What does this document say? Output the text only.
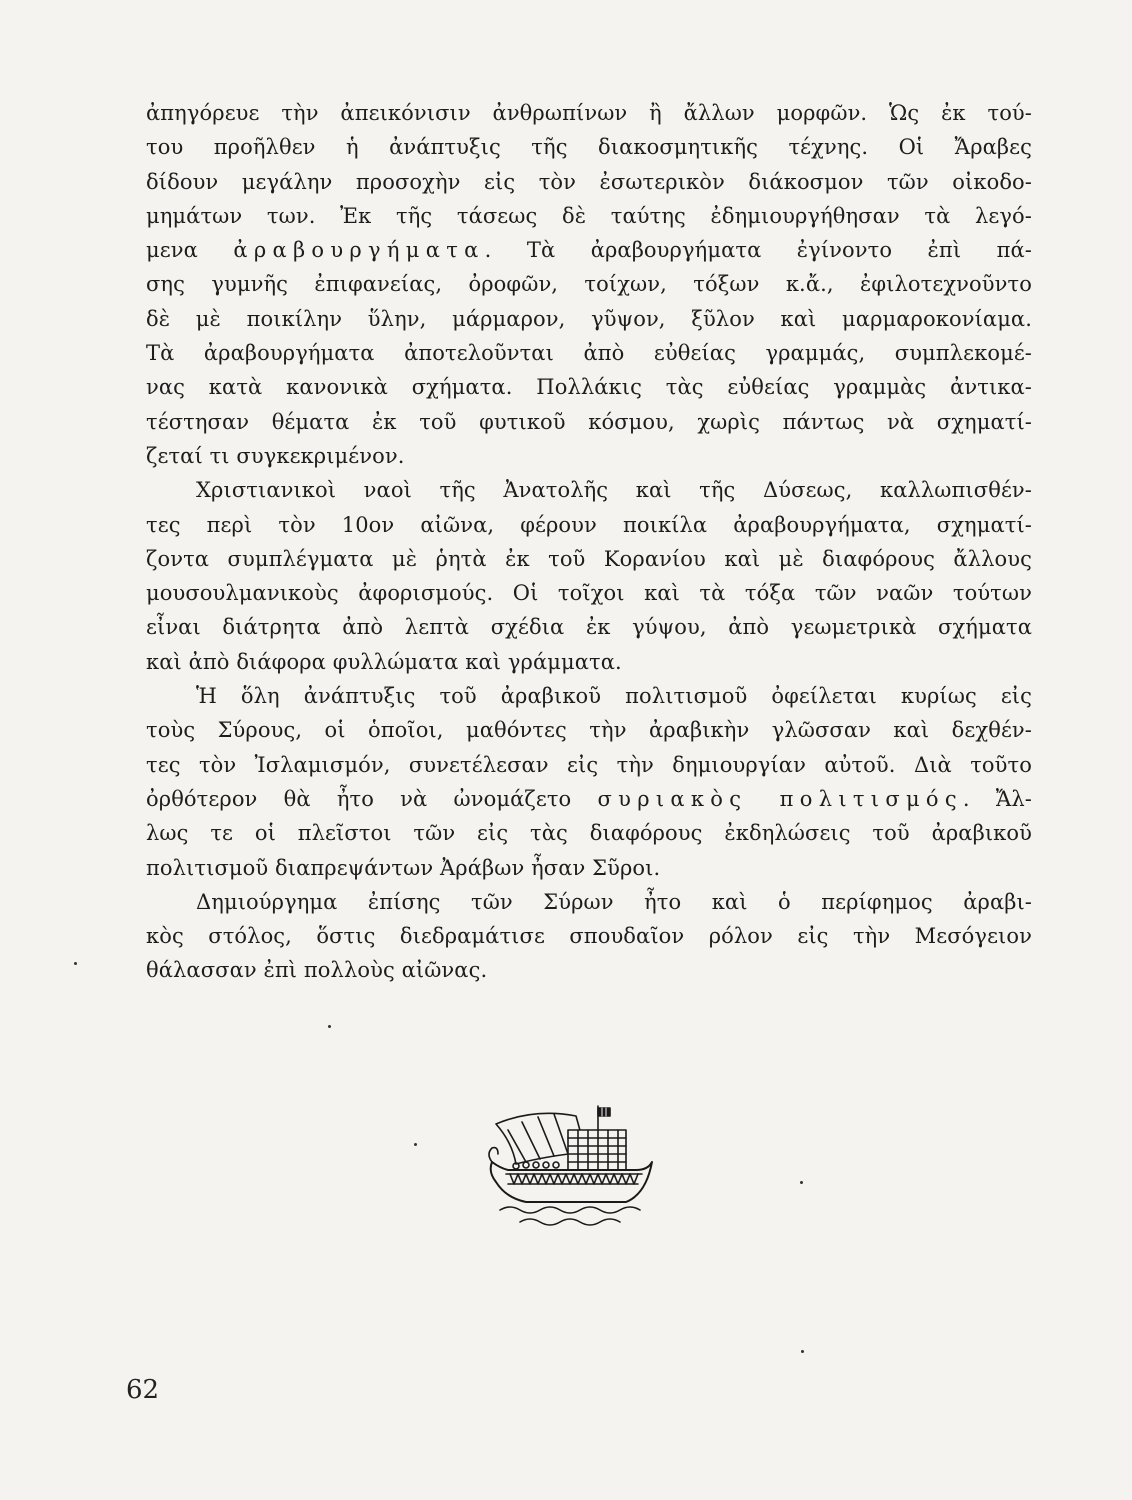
ἀπηγόρευε τὴν ἀπεικόνισιν ἀνθρωπίνων ἢ ἄλλων μορφῶν. Ὡς ἐκ τού-
του προῆλθεν ἡ ἀνάπτυξις τῆς διακοσμητικῆς τέχνης. Οἱ Ἄραβες
δίδουν μεγάλην προσοχὴν εἰς τὸν ἐσωτερικὸν διάκοσμον τῶν οἰκοδο-
μημάτων των. Ἐκ τῆς τάσεως δὲ ταύτης ἐδημιουργήθησαν τὰ λεγό-
μενα ἀραβουργήματα. Τὰ ἀραβουργήματα ἐγίνοντο ἐπὶ πά-
σης γυμνῆς ἐπιφανείας, ὀροφῶν, τοίχων, τόξων κ.ἄ., ἐφιλοτεχνοῦντο
δὲ μὲ ποικίλην ὕλην, μάρμαρον, γῦψον, ξῦλον καὶ μαρμαροκονίαμα.
Τὰ ἀραβουργήματα ἀποτελοῦνται ἀπὸ εὐθείας γραμμάς, συμπλεκομέ-
νας κατὰ κανονικὰ σχήματα. Πολλάκις τὰς εὐθείας γραμμὰς ἀντικα-
τέστησαν θέματα ἐκ τοῦ φυτικοῦ κόσμου, χωρὶς πάντως νὰ σχηματί-
ζεταί τι συγκεκριμένον.
Χριστιανικοὶ ναοὶ τῆς Ἀνατολῆς καὶ τῆς Δύσεως, καλλωπισθέν-
τες περὶ τὸν 10ον αἰῶνα, φέρουν ποικίλα ἀραβουργήματα, σχηματί-
ζοντα συμπλέγματα μὲ ῥητὰ ἐκ τοῦ Κορανίου καὶ μὲ διαφόρους ἄλλους
μουσουλμανικοὺς ἀφορισμούς. Οἱ τοῖχοι καὶ τὰ τόξα τῶν ναῶν τούτων
εἶναι διάτρητα ἀπὸ λεπτὰ σχέδια ἐκ γύψου, ἀπὸ γεωμετρικὰ σχήματα
καὶ ἀπὸ διάφορα φυλλώματα καὶ γράμματα.
Ἡ ὅλη ἀνάπτυξις τοῦ ἀραβικοῦ πολιτισμοῦ ὀφείλεται κυρίως εἰς
τοὺς Σύρους, οἱ ὁποῖοι, μαθόντες τὴν ἀραβικὴν γλῶσσαν καὶ δεχθέν-
τες τὸν Ἰσλαμισμόν, συνετέλεσαν εἰς τὴν δημιουργίαν αὐτοῦ. Διὰ τοῦτο
ὀρθότερον θὰ ἦτο νὰ ὠνομάζετο συριακὸς πολιτισμός. Ἄλ-
λως τε οἱ πλεῖστοι τῶν εἰς τὰς διαφόρους ἐκδηλώσεις τοῦ ἀραβικοῦ
πολιτισμοῦ διαπρεψάντων Ἀράβων ἦσαν Σῦροι.
Δημιούργημα ἐπίσης τῶν Σύρων ἦτο καὶ ὁ περίφημος ἀραβι-
κὸς στόλος, ὅστις διεδραμάτισε σπουδαῖον ρόλον εἰς τὴν Μεσόγειον
θάλασσαν ἐπὶ πολλοὺς αἰῶνας.
62
